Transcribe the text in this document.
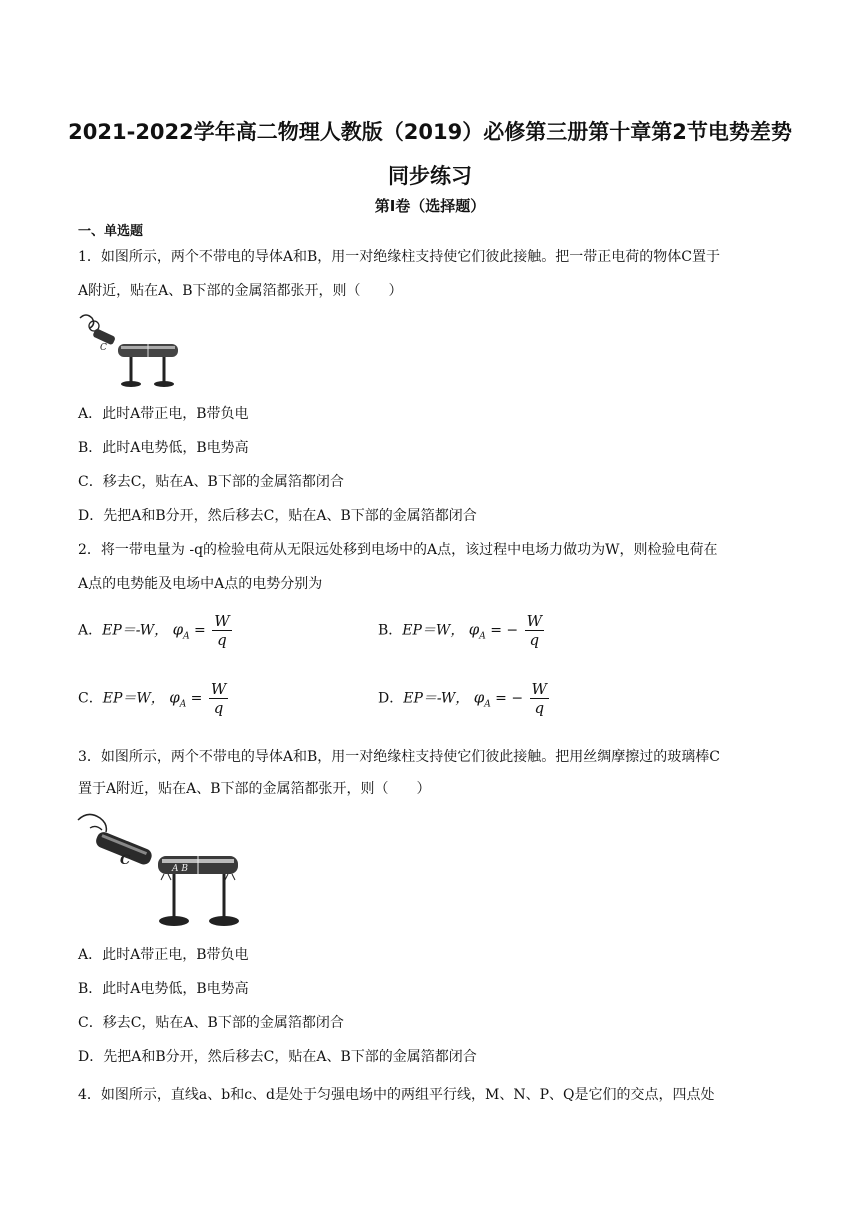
2021-2022学年高二物理人教版（2019）必修第三册第十章第2节电势差势
同步练习
第Ⅰ卷（选择题）
一、单选题
1．如图所示，两个不带电的导体A和B，用一对绝缘柱支持使它们彼此接触。把一带正电荷的物体C置于
A附近，贴在A、B下部的金属箔都张开，则（　　）
C
A．此时A带正电，B带负电
B．此时A电势低，B电势高
C．移去C，贴在A、B下部的金属箔都闭合
D．先把A和B分开，然后移去C，贴在A、B下部的金属箔都闭合
2．将一带电量为 -q的检验电荷从无限远处移到电场中的A点，该过程中电场力做功为W，则检验电荷在
A点的电势能及电场中A点的电势分别为
A．EP＝-W， $\varphi_A = \frac{W}{q}$	B．EP＝W， $\varphi_A$ = − $\frac{W}{q}$
C．EP＝W， $\varphi_A = \frac{W}{q}$	D．EP＝-W， $\varphi_A$ = − $\frac{W}{q}$
3．如图所示，两个不带电的导体A和B，用一对绝缘柱支持使它们彼此接触。把用丝绸摩擦过的玻璃棒C
置于A附近，贴在A、B下部的金属箔都张开，则（　　）
C
A B
A．此时A带正电，B带负电
B．此时A电势低，B电势高
C．移去C，贴在A、B下部的金属箔都闭合
D．先把A和B分开，然后移去C，贴在A、B下部的金属箔都闭合
4．如图所示，直线a、b和c、d是处于匀强电场中的两组平行线，M、N、P、Q是它们的交点，四点处
